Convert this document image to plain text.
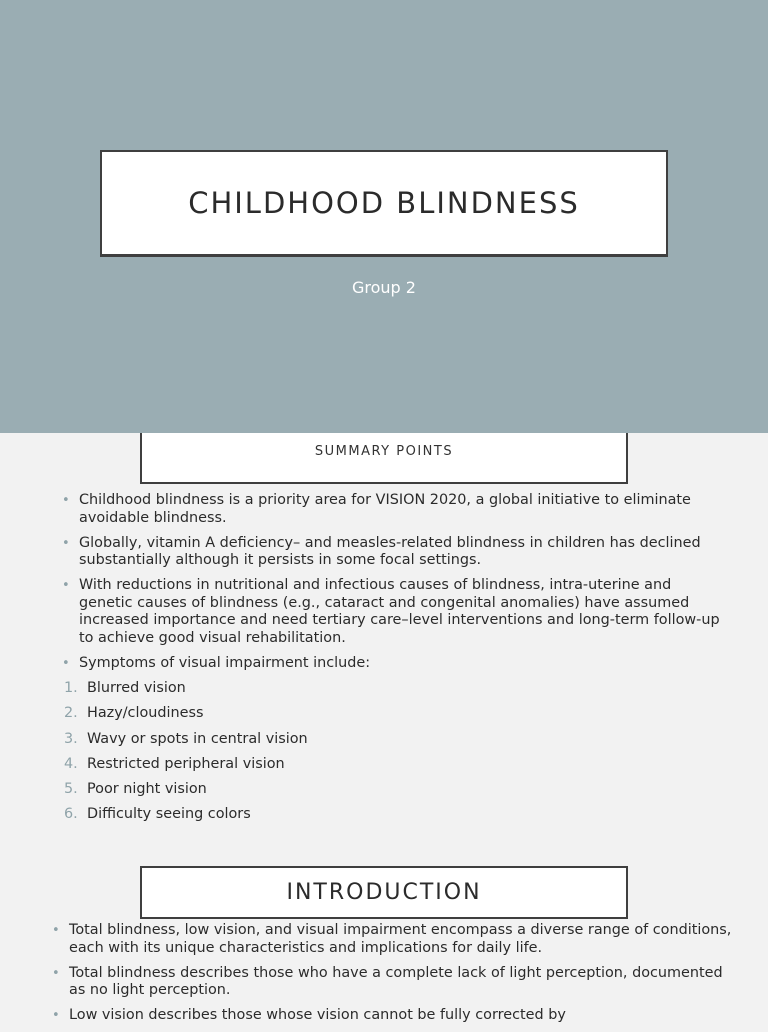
CHILDHOOD BLINDNESS
Group 2
SUMMARY POINTS
• Childhood blindness is a priority area for VISION 2020, a global initiative to eliminate avoidable blindness.
• Globally, vitamin A deficiency– and measles-related blindness in children has declined substantially although it persists in some focal settings.
• With reductions in nutritional and infectious causes of blindness, intra-uterine and genetic causes of blindness (e.g., cataract and congenital anomalies) have assumed increased importance and need tertiary care–level interventions and long-term follow-up to achieve good visual rehabilitation.
• Symptoms of visual impairment include:
1. Blurred vision
2. Hazy/cloudiness
3. Wavy or spots in central vision
4. Restricted peripheral vision
5. Poor night vision
6. Difficulty seeing colors
INTRODUCTION
• Total blindness, low vision, and visual impairment encompass a diverse range of conditions, each with its unique characteristics and implications for daily life.
• Total blindness describes those who have a complete lack of light perception, documented as no light perception.
• Low vision describes those whose vision cannot be fully corrected by
